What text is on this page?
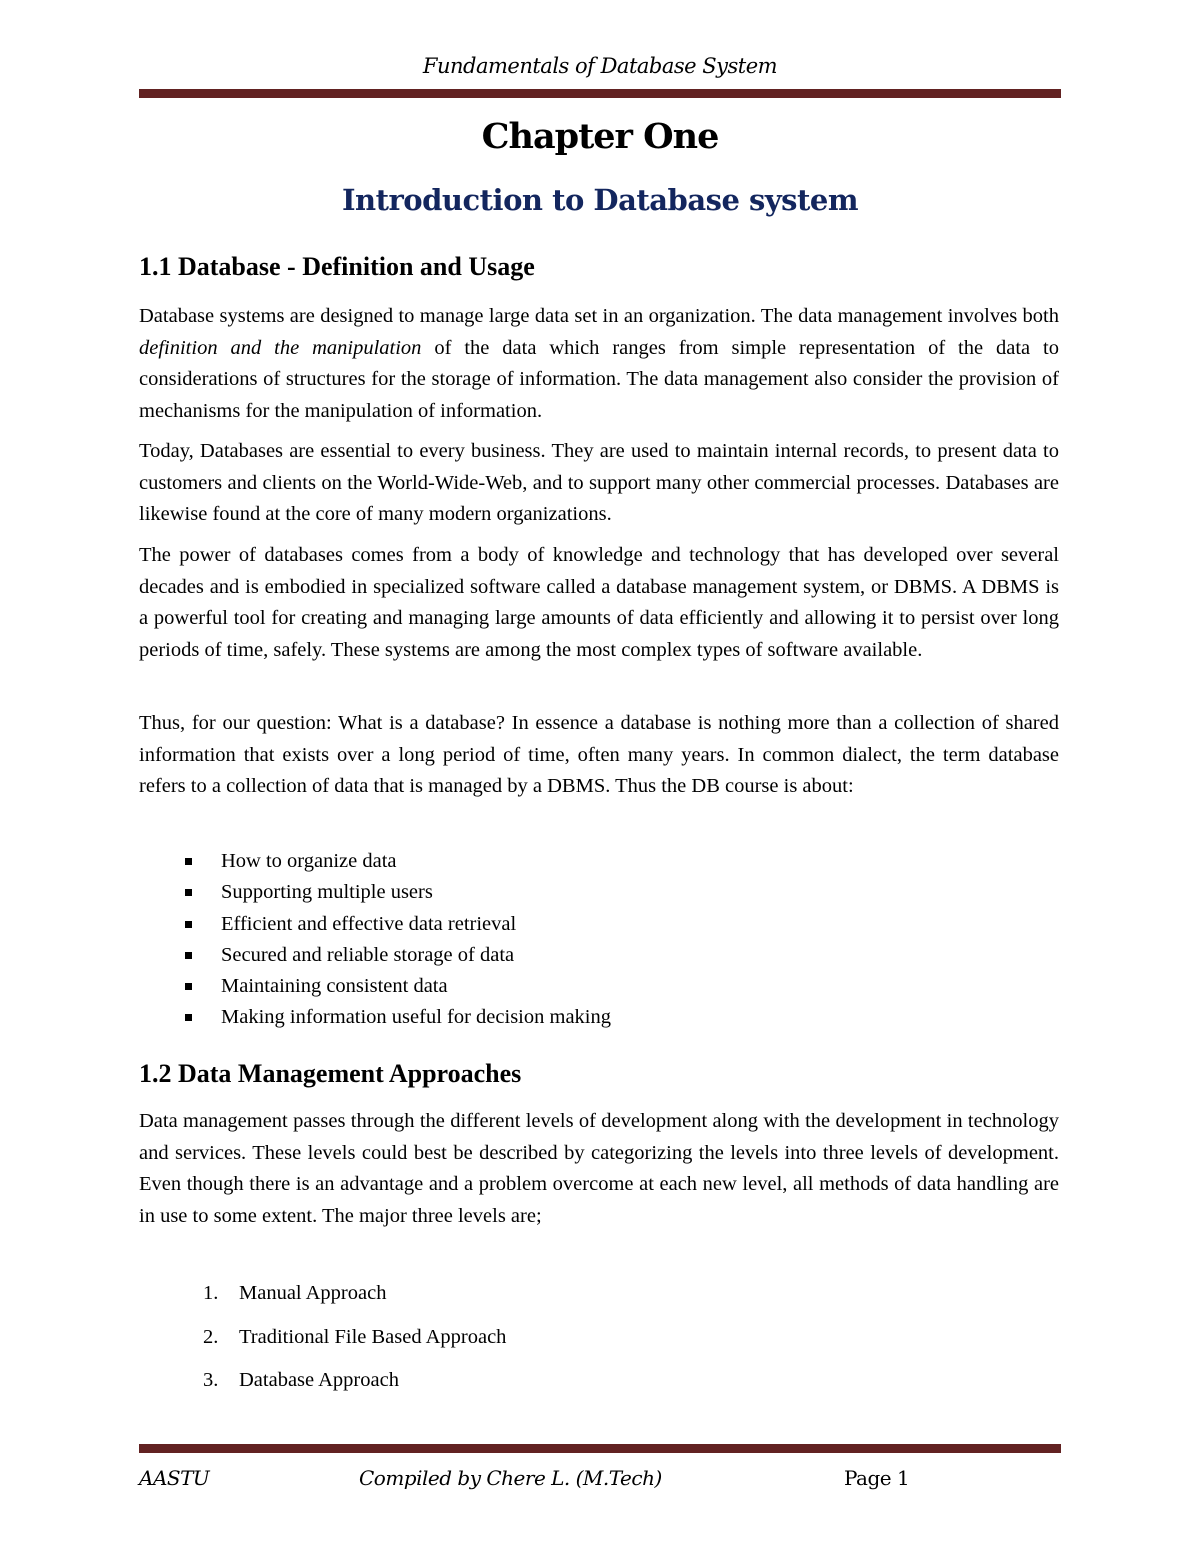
Fundamentals of Database System
Chapter One
Introduction to Database system
1.1 Database - Definition and Usage
Database systems are designed to manage large data set in an organization. The data management involves both definition and the manipulation of the data which ranges from simple representation of the data to considerations of structures for the storage of information. The data management also consider the provision of mechanisms for the manipulation of information.
Today, Databases are essential to every business. They are used to maintain internal records, to present data to customers and clients on the World-Wide-Web, and to support many other commercial processes. Databases are likewise found at the core of many modern organizations.
The power of databases comes from a body of knowledge and technology that has developed over several decades and is embodied in specialized software called a database management system, or DBMS. A DBMS is a powerful tool for creating and managing large amounts of data efficiently and allowing it to persist over long periods of time, safely. These systems are among the most complex types of software available.
Thus, for our question: What is a database? In essence a database is nothing more than a collection of shared information that exists over a long period of time, often many years. In common dialect, the term database refers to a collection of data that is managed by a DBMS. Thus the DB course is about:
How to organize data
Supporting multiple users
Efficient and effective data retrieval
Secured and reliable storage of data
Maintaining consistent data
Making information useful for decision making
1.2 Data Management Approaches
Data management passes through the different levels of development along with the development in technology and services. These levels could best be described by categorizing the levels into three levels of development. Even though there is an advantage and a problem overcome at each new level, all methods of data handling are in use to some extent. The major three levels are;
1. Manual Approach
2. Traditional File Based Approach
3. Database Approach
AASTU	Compiled by Chere L. (M.Tech)	Page 1
